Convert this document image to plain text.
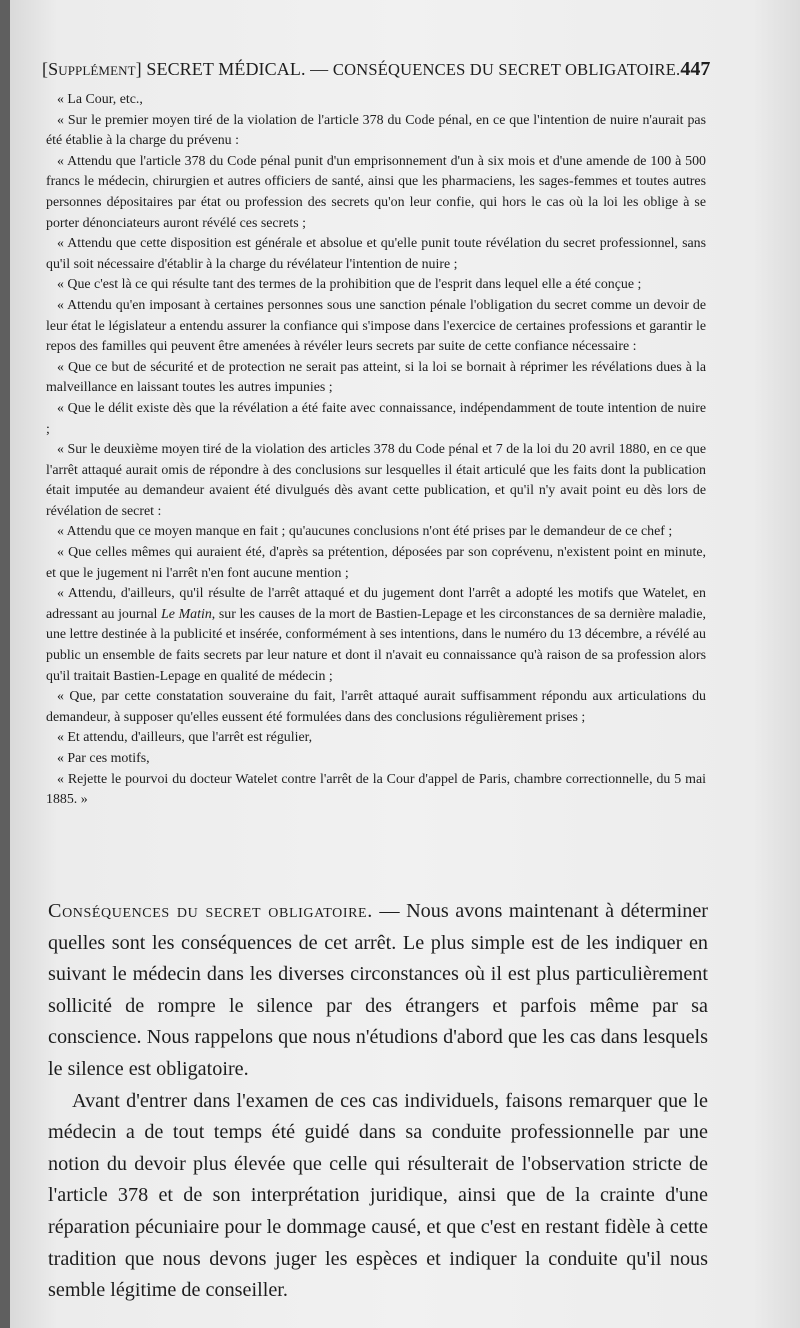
[Supplément] SECRET MÉDICAL. — CONSÉQUENCES DU SECRET OBLIGATOIRE. 447

« La Cour, etc.,

« Sur le premier moyen tiré de la violation de l'article 378 du Code pénal, en ce que l'intention de nuire n'aurait pas été établie à la charge du prévenu :

« Attendu que l'article 378 du Code pénal punit d'un emprisonnement d'un à six mois et d'une amende de 100 à 500 francs le médecin, chirurgien et autres officiers de santé, ainsi que les pharmaciens, les sages-femmes et toutes autres personnes dépositaires par état ou profession des secrets qu'on leur confie, qui hors le cas où la loi les oblige à se porter dénonciateurs auront révélé ces secrets ;

« Attendu que cette disposition est générale et absolue et qu'elle punit toute révélation du secret professionnel, sans qu'il soit nécessaire d'établir à la charge du révélateur l'intention de nuire ;

« Que c'est là ce qui résulte tant des termes de la prohibition que de l'esprit dans lequel elle a été conçue ;

« Attendu qu'en imposant à certaines personnes sous une sanction pénale l'obligation du secret comme un devoir de leur état le législateur a entendu assurer la confiance qui s'impose dans l'exercice de certaines professions et garantir le repos des familles qui peuvent être amenées à révéler leurs secrets par suite de cette confiance nécessaire :

« Que ce but de sécurité et de protection ne serait pas atteint, si la loi se bornait à réprimer les révélations dues à la malveillance en laissant toutes les autres impunies ;

« Que le délit existe dès que la révélation a été faite avec connaissance, indépendamment de toute intention de nuire ;

« Sur le deuxième moyen tiré de la violation des articles 378 du Code pénal et 7 de la loi du 20 avril 1880, en ce que l'arrêt attaqué aurait omis de répondre à des conclusions sur lesquelles il était articulé que les faits dont la publication était imputée au demandeur avaient été divulgués dès avant cette publication, et qu'il n'y avait point eu dès lors de révélation de secret :

« Attendu que ce moyen manque en fait ; qu'aucunes conclusions n'ont été prises par le demandeur de ce chef ;

« Que celles mêmes qui auraient été, d'après sa prétention, déposées par son coprévenu, n'existent point en minute, et que le jugement ni l'arrêt n'en font aucune mention ;

« Attendu, d'ailleurs, qu'il résulte de l'arrêt attaqué et du jugement dont l'arrêt a adopté les motifs que Watelet, en adressant au journal Le Matin, sur les causes de la mort de Bastien-Lepage et les circonstances de sa dernière maladie, une lettre destinée à la publicité et insérée, conformément à ses intentions, dans le numéro du 13 décembre, a révélé au public un ensemble de faits secrets par leur nature et dont il n'avait eu connaissance qu'à raison de sa profession alors qu'il traitait Bastien-Lepage en qualité de médecin ;

« Que, par cette constatation souveraine du fait, l'arrêt attaqué aurait suffisamment répondu aux articulations du demandeur, à supposer qu'elles eussent été formulées dans des conclusions régulièrement prises ;

« Et attendu, d'ailleurs, que l'arrêt est régulier,

« Par ces motifs,

« Rejette le pourvoi du docteur Watelet contre l'arrêt de la Cour d'appel de Paris, chambre correctionnelle, du 5 mai 1885. »

Conséquences du secret obligatoire. — Nous avons maintenant à déterminer quelles sont les conséquences de cet arrêt. Le plus simple est de les indiquer en suivant le médecin dans les diverses circonstances où il est plus particulièrement sollicité de rompre le silence par des étrangers et parfois même par sa conscience. Nous rappelons que nous n'étudions d'abord que les cas dans lesquels le silence est obligatoire.

Avant d'entrer dans l'examen de ces cas individuels, faisons remarquer que le médecin a de tout temps été guidé dans sa conduite professionnelle par une notion du devoir plus élevée que celle qui résulterait de l'observation stricte de l'article 378 et de son interprétation juridique, ainsi que de la crainte d'une réparation pécuniaire pour le dommage causé, et que c'est en restant fidèle à cette tradition que nous devons juger les espèces et indiquer la conduite qu'il nous semble légitime de conseiller.
